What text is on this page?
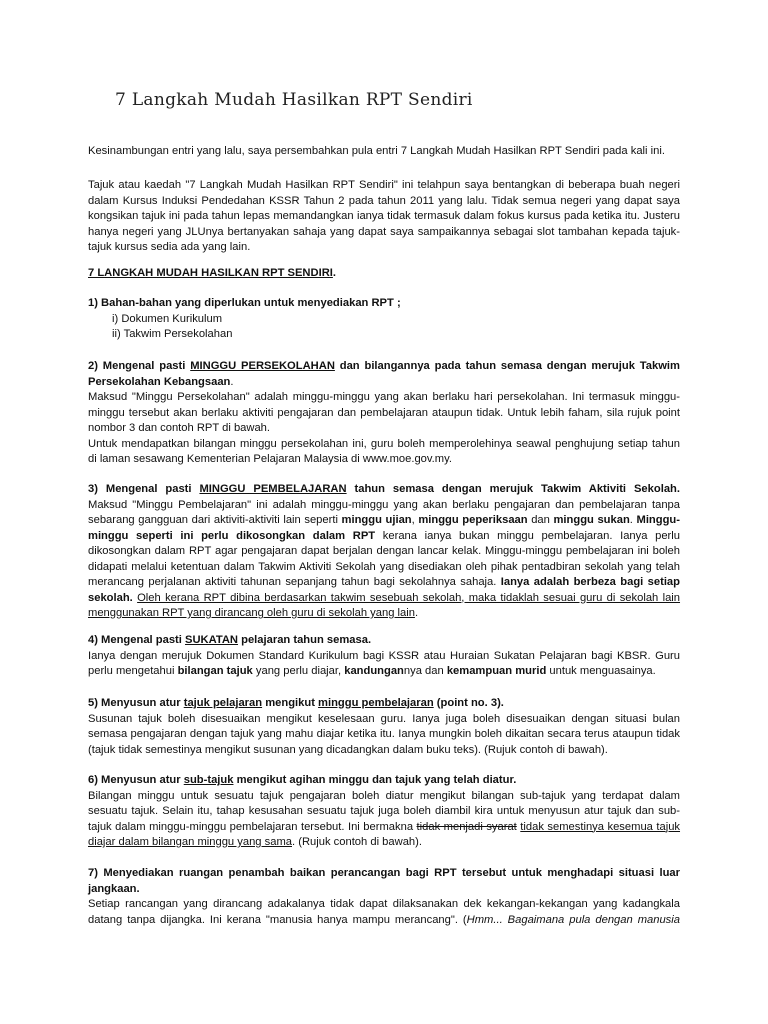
7 Langkah Mudah Hasilkan RPT Sendiri

Kesinambungan entri yang lalu, saya persembahkan pula entri 7 Langkah Mudah Hasilkan RPT Sendiri pada kali ini.

Tajuk atau kaedah "7 Langkah Mudah Hasilkan RPT Sendiri" ini telahpun saya bentangkan di beberapa buah negeri
dalam Kursus Induksi Pendedahan KSSR Tahun 2 pada tahun 2011 yang lalu. Tidak semua negeri yang dapat saya
kongsikan tajuk ini pada tahun lepas memandangkan ianya tidak termasuk dalam fokus kursus pada ketika itu. Justeru
hanya negeri yang JLUnya bertanyakan sahaja yang dapat saya sampaikannya sebagai slot tambahan kepada tajuk-
tajuk kursus sedia ada yang lain.

7 LANGKAH MUDAH HASILKAN RPT SENDIRI.

1) Bahan-bahan yang diperlukan untuk menyediakan RPT ;
i) Dokumen Kurikulum
ii) Takwim Persekolahan
2) Mengenal pasti MINGGU PERSEKOLAHAN dan bilangannya pada tahun semasa dengan merujuk Takwim
Persekolahan Kebangsaan.
Maksud "Minggu Persekolahan" adalah minggu-minggu yang akan berlaku hari persekolahan. Ini termasuk minggu-
minggu tersebut akan berlaku aktiviti pengajaran dan pembelajaran ataupun tidak. Untuk lebih faham, sila rujuk point
nombor 3 dan contoh RPT di bawah.
Untuk mendapatkan bilangan minggu persekolahan ini, guru boleh memperolehinya seawal penghujung setiap tahun
di laman sesawang Kementerian Pelajaran Malaysia di www.moe.gov.my.
3) Mengenal pasti MINGGU PEMBELAJARAN tahun semasa dengan merujuk Takwim Aktiviti Sekolah.
Maksud "Minggu Pembelajaran" ini adalah minggu-minggu yang akan berlaku pengajaran dan pembelajaran tanpa
sebarang gangguan dari aktiviti-aktiviti lain seperti minggu ujian, minggu peperiksaan dan minggu sukan. Minggu-
minggu seperti ini perlu dikosongkan dalam RPT kerana ianya bukan minggu pembelajaran. Ianya perlu
dikosongkan dalam RPT agar pengajaran dapat berjalan dengan lancar kelak. Minggu-minggu pembelajaran ini boleh
didapati melalui ketentuan dalam Takwim Aktiviti Sekolah yang disediakan oleh pihak pentadbiran sekolah yang telah
merancang perjalanan aktiviti tahunan sepanjang tahun bagi sekolahnya sahaja. Ianya adalah berbeza bagi setiap
sekolah. Oleh kerana RPT dibina berdasarkan takwim sesebuah sekolah, maka tidaklah sesuai guru di sekolah lain
menggunakan RPT yang dirancang oleh guru di sekolah yang lain.
4) Mengenal pasti SUKATAN pelajaran tahun semasa.
Ianya dengan merujuk Dokumen Standard Kurikulum bagi KSSR atau Huraian Sukatan Pelajaran bagi KBSR. Guru
perlu mengetahui bilangan tajuk yang perlu diajar, kandungannya dan kemampuan murid untuk menguasainya.
5) Menyusun atur tajuk pelajaran mengikut minggu pembelajaran (point no. 3).
Susunan tajuk boleh disesuaikan mengikut keselesaan guru. Ianya juga boleh disesuaikan dengan situasi bulan
semasa pengajaran dengan tajuk yang mahu diajar ketika itu. Ianya mungkin boleh dikaitan secara terus ataupun tidak
(tajuk tidak semestinya mengikut susunan yang dicadangkan dalam buku teks). (Rujuk contoh di bawah).
6) Menyusun atur sub-tajuk mengikut agihan minggu dan tajuk yang telah diatur.
Bilangan minggu untuk sesuatu tajuk pengajaran boleh diatur mengikut bilangan sub-tajuk yang terdapat dalam
sesuatu tajuk. Selain itu, tahap kesusahan sesuatu tajuk juga boleh diambil kira untuk menyusun atur tajuk dan sub-
tajuk dalam minggu-minggu pembelajaran tersebut. Ini bermakna tidak menjadi syarat tidak semestinya kesemua tajuk
diajar dalam bilangan minggu yang sama. (Rujuk contoh di bawah).
7) Menyediakan ruangan penambah baikan perancangan bagi RPT tersebut untuk menghadapi situasi luar
jangkaan.
Setiap rancangan yang dirancang adakalanya tidak dapat dilaksanakan dek kekangan-kekangan yang kadangkala
datang tanpa dijangka. Ini kerana "manusia hanya mampu merancang". (Hmm... Bagaimana pula dengan manusia
